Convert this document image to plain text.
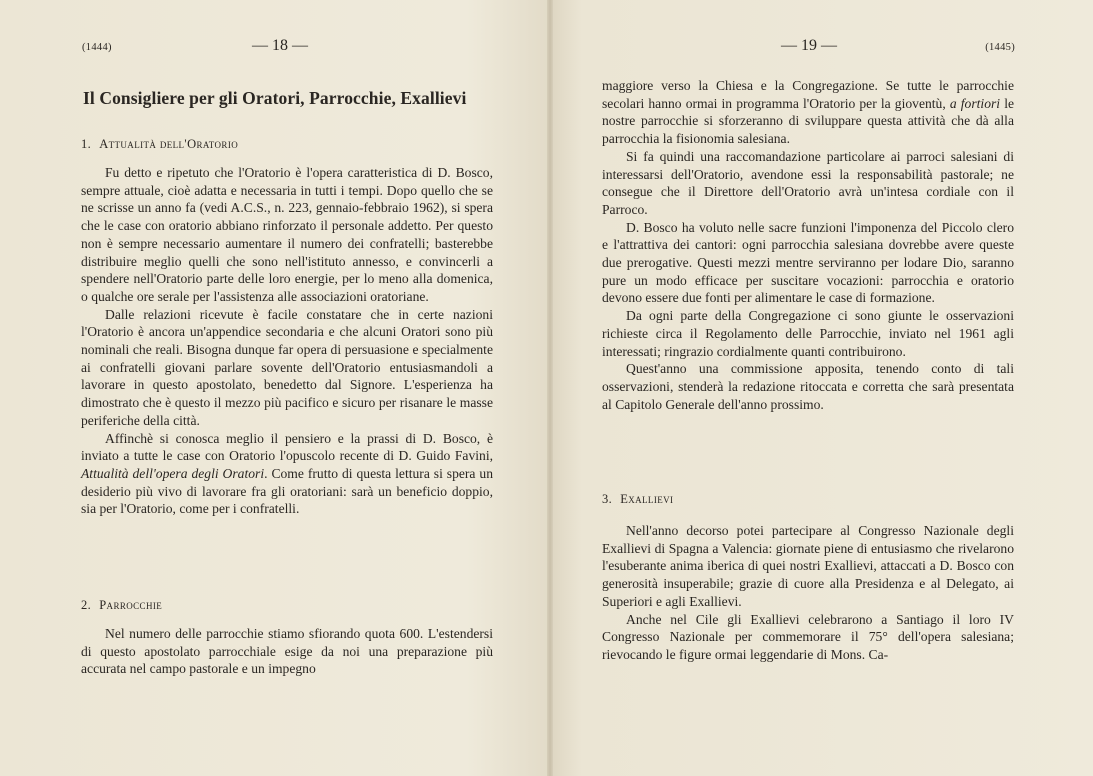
(1444)	— 18 —
Il Consigliere per gli Oratori, Parrocchie, Exallievi
1. Attualità dell'Oratorio

Fu detto e ripetuto che l'Oratorio è l'opera caratteristica di D. Bosco, sempre attuale, cioè adatta e necessaria in tutti i tempi. Dopo quello che se ne scrisse un anno fa (vedi A.C.S., n. 223, gennaio-febbraio 1962), si spera che le case con oratorio abbiano rinforzato il personale addetto. Per questo non è sempre necessario aumentare il numero dei confratelli; basterebbe distribuire meglio quelli che sono nell'istituto annesso, e convincerli a spendere nell'Oratorio parte delle loro energie, per lo meno alla domenica, o qualche ore serale per l'assistenza alle associazioni oratoriane.

Dalle relazioni ricevute è facile constatare che in certe nazioni l'Oratorio è ancora un'appendice secondaria e che alcuni Oratori sono più nominali che reali. Bisogna dunque far opera di persuasione e specialmente ai confratelli giovani parlare sovente dell'Oratorio entusiasmandoli a lavorare in questo apostolato, benedetto dal Signore. L'esperienza ha dimostrato che è questo il mezzo più pacifico e sicuro per risanare le masse periferiche della città.

Affinchè si conosca meglio il pensiero e la prassi di D. Bosco, è inviato a tutte le case con Oratorio l'opuscolo recente di D. Guido Favini, Attualità dell'opera degli Oratori. Come frutto di questa lettura si spera un desiderio più vivo di lavorare fra gli oratoriani: sarà un beneficio doppio, sia per l'Oratorio, come per i confratelli.

2. Parrocchie

Nel numero delle parrocchie stiamo sfiorando quota 600. L'estendersi di questo apostolato parrocchiale esige da noi una preparazione più accurata nel campo pastorale e un impegno

— 19 —	(1445)

maggiore verso la Chiesa e la Congregazione. Se tutte le parrocchie secolari hanno ormai in programma l'Oratorio per la gioventù, a fortiori le nostre parrocchie si sforzeranno di sviluppare questa attività che dà alla parrocchia la fisionomia salesiana.

Si fa quindi una raccomandazione particolare ai parroci salesiani di interessarsi dell'Oratorio, avendone essi la responsabilità pastorale; ne consegue che il Direttore dell'Oratorio avrà un'intesa cordiale con il Parroco.

D. Bosco ha voluto nelle sacre funzioni l'imponenza del Piccolo clero e l'attrattiva dei cantori: ogni parrocchia salesiana dovrebbe avere queste due prerogative. Questi mezzi mentre serviranno per lodare Dio, saranno pure un modo efficace per suscitare vocazioni: parrocchia e oratorio devono essere due fonti per alimentare le case di formazione.

Da ogni parte della Congregazione ci sono giunte le osservazioni richieste circa il Regolamento delle Parrocchie, inviato nel 1961 agli interessati; ringrazio cordialmente quanti contribuirono.

Quest'anno una commissione apposita, tenendo conto di tali osservazioni, stenderà la redazione ritoccata e corretta che sarà presentata al Capitolo Generale dell'anno prossimo.

3. Exallievi

Nell'anno decorso potei partecipare al Congresso Nazionale degli Exallievi di Spagna a Valencia: giornate piene di entusiasmo che rivelarono l'esuberante anima iberica di quei nostri Exallievi, attaccati a D. Bosco con generosità insuperabile; grazie di cuore alla Presidenza e al Delegato, ai Superiori e agli Exallievi.

Anche nel Cile gli Exallievi celebrarono a Santiago il loro IV Congresso Nazionale per commemorare il 75° dell'opera salesiana; rievocando le figure ormai leggendarie di Mons. Ca-
